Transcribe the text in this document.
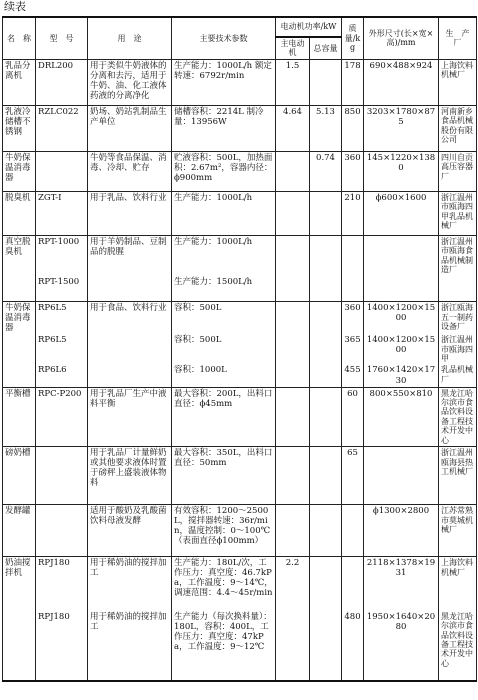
续表
名　称	型　号	用　途	主要技术参数	电动机功率/kW		质量/kg	外形尺寸(长×宽×高)/mm	生　产　厂
				主电动机	总容量			
乳品分离机	DRL200	用于类似牛奶液体的分离和去污，适用于牛奶、油、化工液体药液的分离净化	生产能力：1000L/h 额定转速：6792r/min	1.5		178	690×488×924	上海饮料机械厂
乳液冷储槽不锈钢	RZLC022	奶场、奶站乳制品生产单位	储槽容积：2214L 制冷量：13956W	4.64	5.13	850	3203×1780×875	河南新乡食品机械股份有限公司
牛奶保温消毒器		牛奶等食品保温、消毒、冷却、贮存	贮液容积：500L，加热面积：2.67m²，容器内径：ϕ900mm		0.74	360	145×1220×1380	四川自贡高压容器厂
脱臭机	ZGT-I	用于乳品、饮料行业	生产能力：1000L/h			210	ϕ600×1600	浙江温州市瓯海四甲乳品机械厂
真空脱臭机	RPT-1000	用于羊奶制品、豆制品的脱腥	生产能力：1000L/h					浙江温州市瓯海食品机械制造厂
	RPT-1500		生产能力：1500L/h					
牛奶保温消毒器	RP6L5	用于食品、饮料行业	容积：500L			360	1400×1200×1500	浙江瓯海五一制药设备厂
	RP6L5		容积：500L			365	1400×1200×1500	浙江温州市瓯海四甲
	RP6L6		容积：1000L			455	1760×1420×1730	乳品机械厂
平衡槽	RPC-P200	用于乳品厂生产中液料平衡	最大容积：200L，出料口直径：ϕ45mm			60	800×550×810	黑龙江哈尔滨市食品饮料设备工程技术开发中心
磅奶槽		用于乳品厂计量鲜奶或其他要求液体时置于磅秤上盛装液体物料	最大容积：350L，出料口直径：50mm			65		浙江温州瓯海县热工机械厂
发酵罐		适用于酸奶及乳酸菌饮料母液发酵	有效容积：1200～2500L，搅拌器转速：36r/min，温度控制：0～100℃（表面直径ϕ100mm）				ϕ1300×2800	江苏常熟市莫城机械厂
奶油搅拌机	RPJ180	用于稀奶油的搅拌加工	生产能力：180L/次，工作压力：真空度：46.7kPa，工作温度：9～14℃，调速范围：4.4～45r/min	2.2			2118×1378×1931	上海饮料机械厂
	RPJ180	用于稀奶油的搅拌加工	生产能力（每次换料量）：180L，容积：400L，工作压力：真空度：47kPa，工作温度：9～12℃			480	1950×1640×2080	黑龙江哈尔滨市食品饮料设备工程技术开发中心
